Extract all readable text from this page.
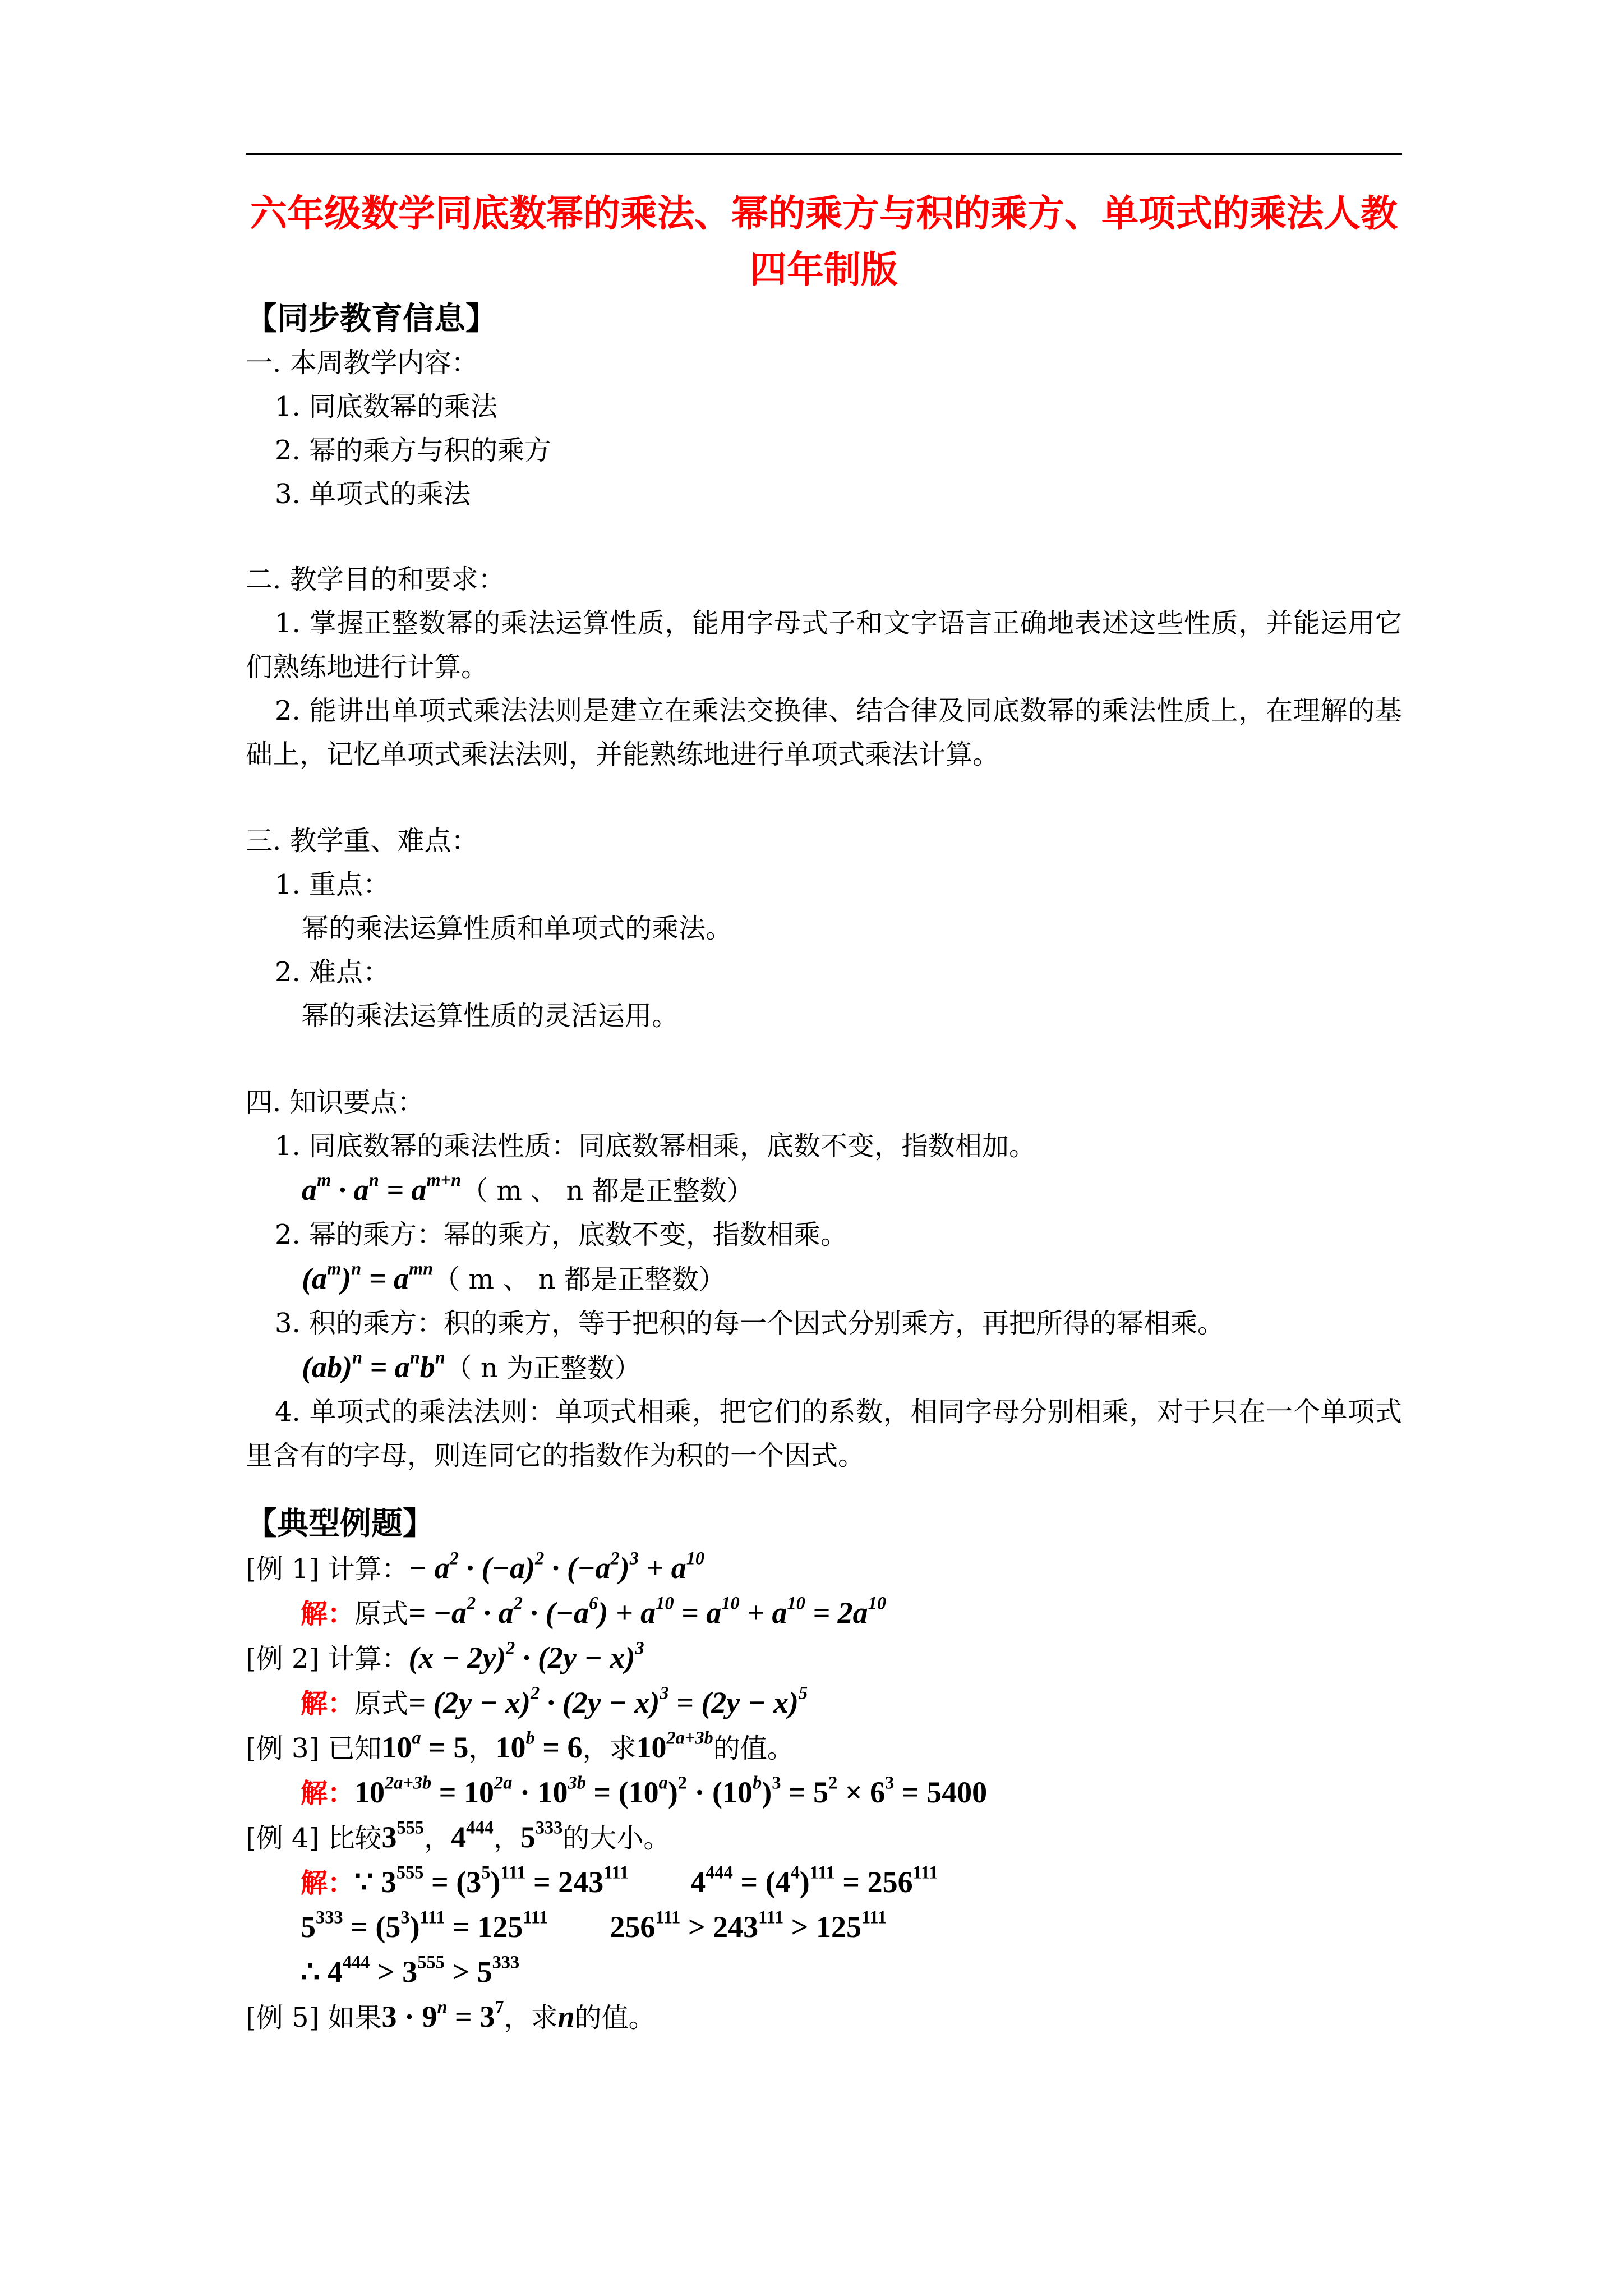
六年级数学同底数幂的乘法、幂的乘方与积的乘方、单项式的乘法人教四年制版
【同步教育信息】
一. 本周教学内容：
1. 同底数幂的乘法
2. 幂的乘方与积的乘方
3. 单项式的乘法
二. 教学目的和要求：
1. 掌握正整数幂的乘法运算性质，能用字母式子和文字语言正确地表述这些性质，并能运用它们熟练地进行计算。
2. 能讲出单项式乘法法则是建立在乘法交换律、结合律及同底数幂的乘法性质上，在理解的基础上，记忆单项式乘法法则，并能熟练地进行单项式乘法计算。
三. 教学重、难点：
1. 重点：
幂的乘法运算性质和单项式的乘法。
2. 难点：
幂的乘法运算性质的灵活运用。
四. 知识要点：
1. 同底数幂的乘法性质：同底数幂相乘，底数不变，指数相加。
$a^m \cdot a^n = a^{m+n}$（ m 、 n 都是正整数）
2. 幂的乘方：幂的乘方，底数不变，指数相乘。
$(a^m)^n = a^{mn}$（ m 、 n 都是正整数）
3. 积的乘方：积的乘方，等于把积的每一个因式分别乘方，再把所得的幂相乘。
$(ab)^n = a^nb^n$（ n 为正整数）
4. 单项式的乘法法则：单项式相乘，把它们的系数，相同字母分别相乘，对于只在一个单项式里含有的字母，则连同它的指数作为积的一个因式。
【典型例题】
[例 1] 计算：− $a^2 \cdot (-a)^2 \cdot (-a^2)^3 + a^{10}$
解：原式= $-a^2 \cdot a^2 \cdot (-a^6) + a^{10} = a^{10} + a^{10} = 2a^{10}$
[例 2] 计算：$(x - 2y)^2 \cdot (2y - x)^3$
解：原式= $(2y - x)^2 \cdot (2y - x)^3 = (2y - x)^5$
[例 3] 已知$10^a = 5$，$10^b = 6$，求$10^{2a+3b}$的值。
解：$10^{2a+3b} = 10^{2a} \cdot 10^{3b} = (10^a)^2 \cdot (10^b)^3 = 5^2 \times 6^3 = 5400$
[例 4] 比较$3^{555}$，$4^{444}$，$5^{333}$的大小。
解：∵ $3^{555} = (3^5)^{111} = 243^{111}$ $4^{444} = (4^4)^{111} = 256^{111}$
$5^{333} = (5^3)^{111} = 125^{111}$ $256^{111} > 243^{111} > 125^{111}$
∴ $4^{444} > 3^{555} > 5^{333}$
[例 5] 如果$3 \cdot 9^n = 3^7$，求n的值。
